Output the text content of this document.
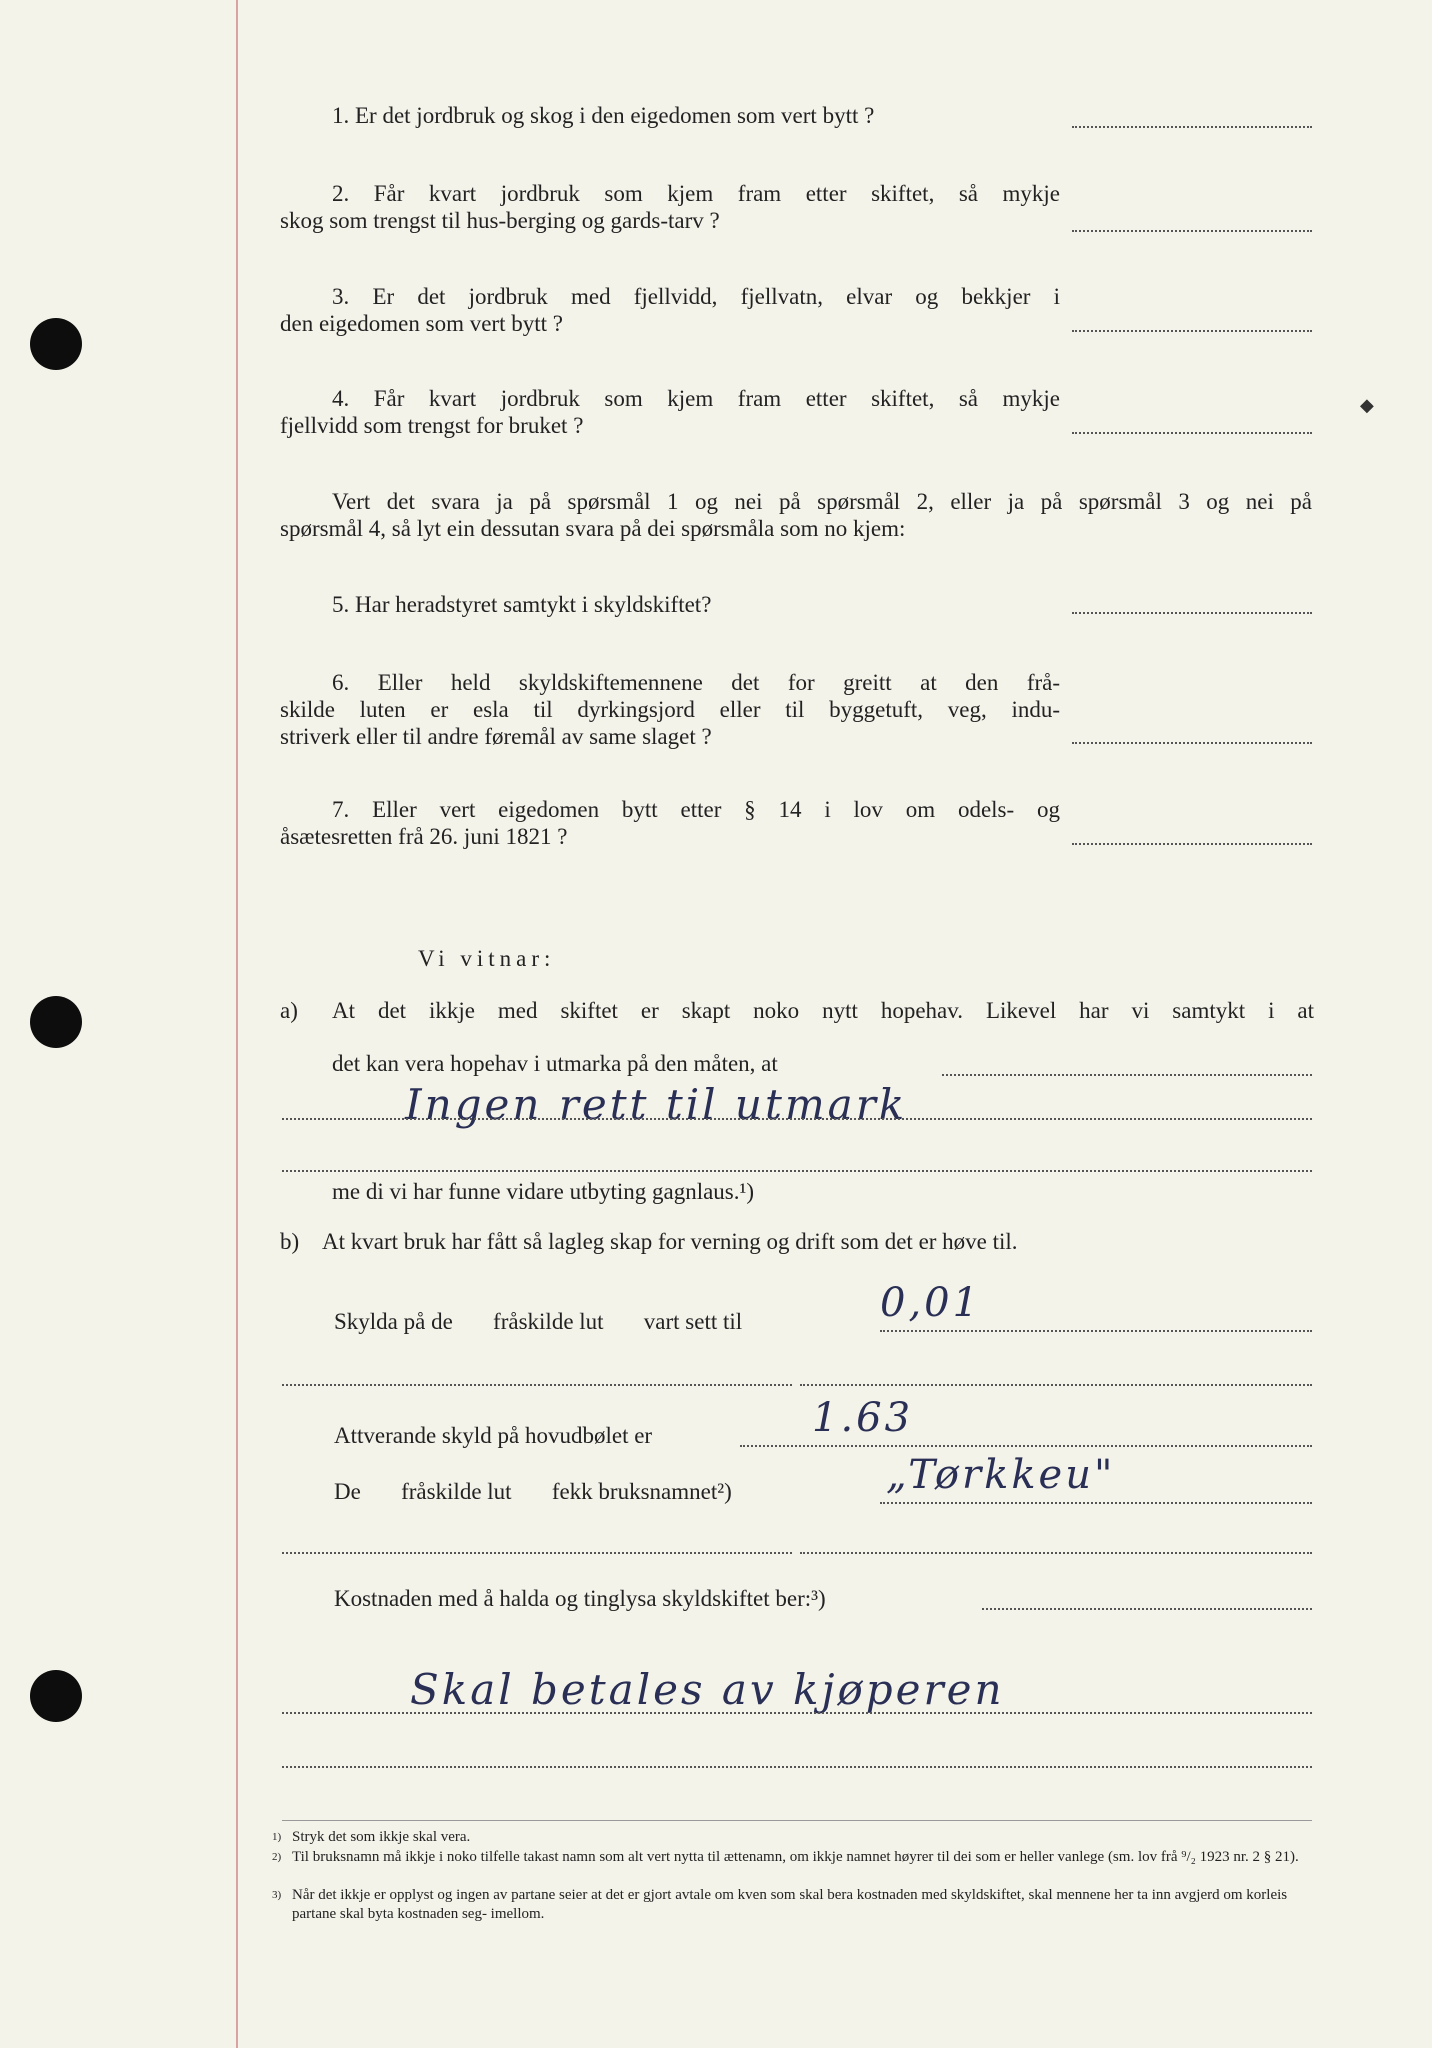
◆
1. Er det jordbruk og skog i den eigedomen som vert bytt ?
2. Får kvart jordbruk som kjem fram etter skiftet, så mykje
skog som trengst til hus-berging og gards-tarv ?
3. Er det jordbruk med fjellvidd, fjellvatn, elvar og bekkjer i
den eigedomen som vert bytt ?
4. Får kvart jordbruk som kjem fram etter skiftet, så mykje
fjellvidd som trengst for bruket ?
Vert det svara ja på spørsmål 1 og nei på spørsmål 2, eller ja på spørsmål 3 og nei på
spørsmål 4, så lyt ein dessutan svara på dei spørsmåla som no kjem:
5. Har heradstyret samtykt i skyldskiftet?
6. Eller held skyldskiftemennene det for greitt at den frå-
skilde luten er esla til dyrkingsjord eller til byggetuft, veg, indu-
striverk eller til andre føremål av same slaget ?
7. Eller vert eigedomen bytt etter § 14 i lov om odels- og
åsætesretten frå 26. juni 1821 ?
Vi vitnar:
a) At det ikkje med skiftet er skapt noko nytt hopehav. Likevel har vi samtykt i at
det kan vera hopehav i utmarka på den måten, at
Ingen rett til utmark
me di vi har funne vidare utbyting gagnlaus.¹)
b) At kvart bruk har fått så lagleg skap for verning og drift som det er høve til.
Skylda på de       fråskilde lut       vart sett til	0,01
Attverande skyld på hovudbølet er	1.63
De       fråskilde lut       fekk bruksnamnet²)	„Tørkkeu"
Kostnaden med å halda og tinglysa skyldskiftet ber:³)
Skal betales av kjøperen
1) Stryk det som ikkje skal vera.
2) Til bruksnamn må ikkje i noko tilfelle takast namn som alt vert nytta til ættenamn, om ikkje namnet høyrer til dei som er heller vanlege (sm. lov frå ⁹/₂ 1923 nr. 2 § 21).
3) Når det ikkje er opplyst og ingen av partane seier at det er gjort avtale om kven som skal bera kostnaden med skyldskiftet, skal mennene her ta inn avgjerd om korleis partane skal byta kostnaden seg- imellom.
